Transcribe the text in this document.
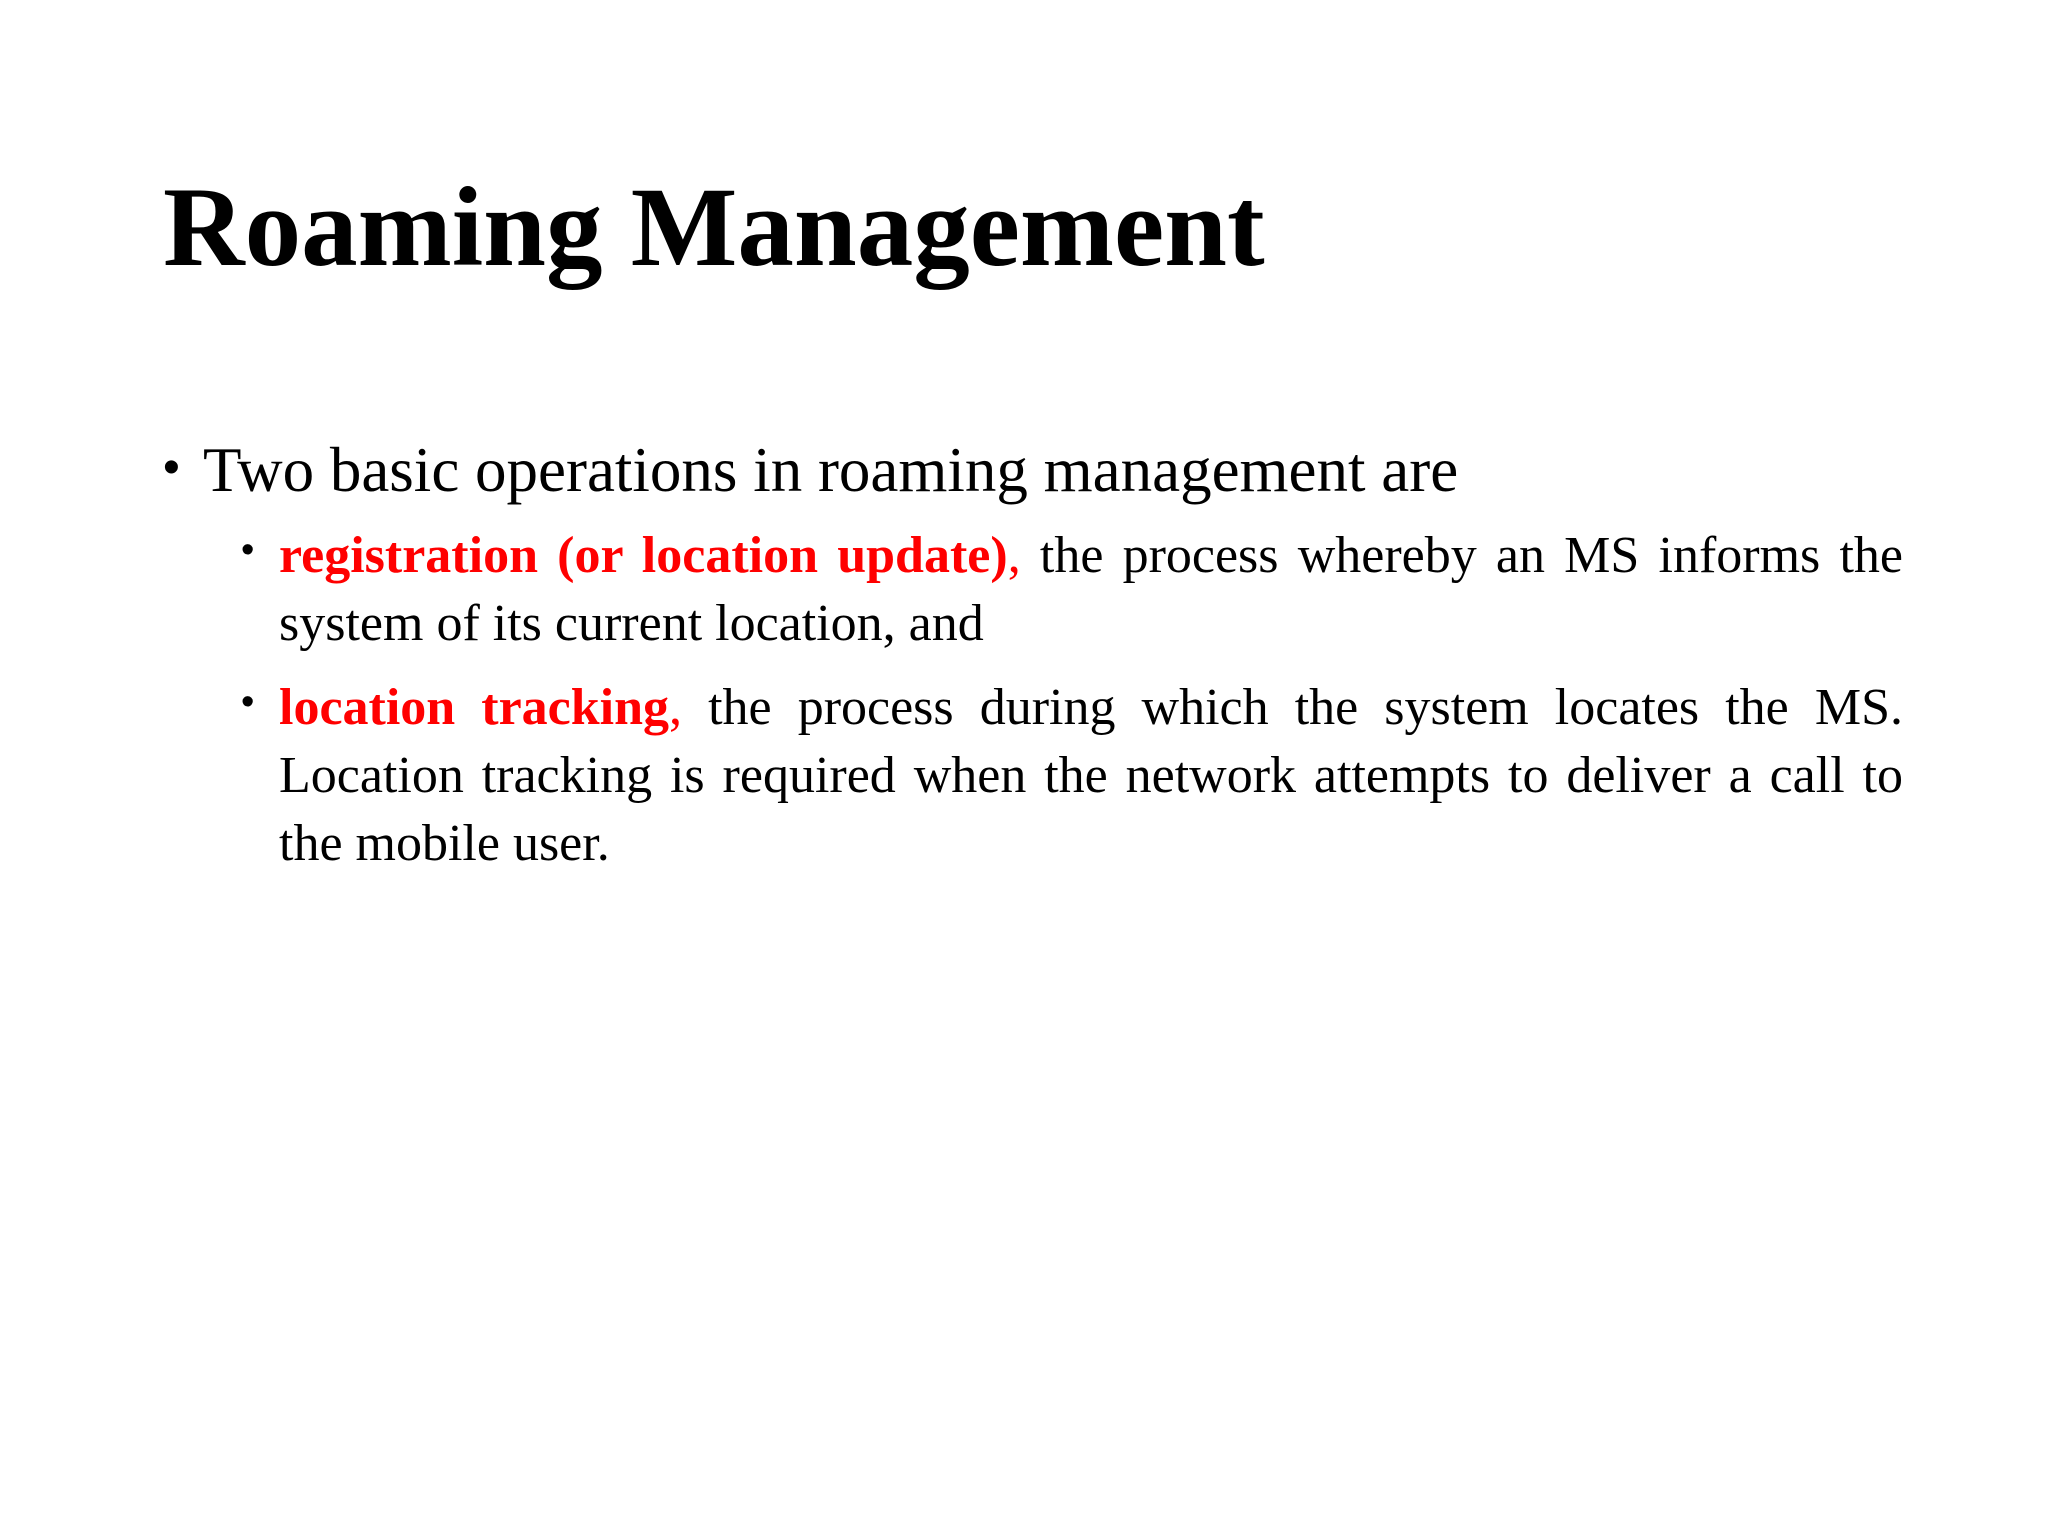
Roaming Management
• Two basic operations in roaming management are
• registration (or location update), the process whereby an MS informs the system of its current location, and
• location tracking, the process during which the system locates the MS. Location tracking is required when the network attempts to deliver a call to the mobile user.
